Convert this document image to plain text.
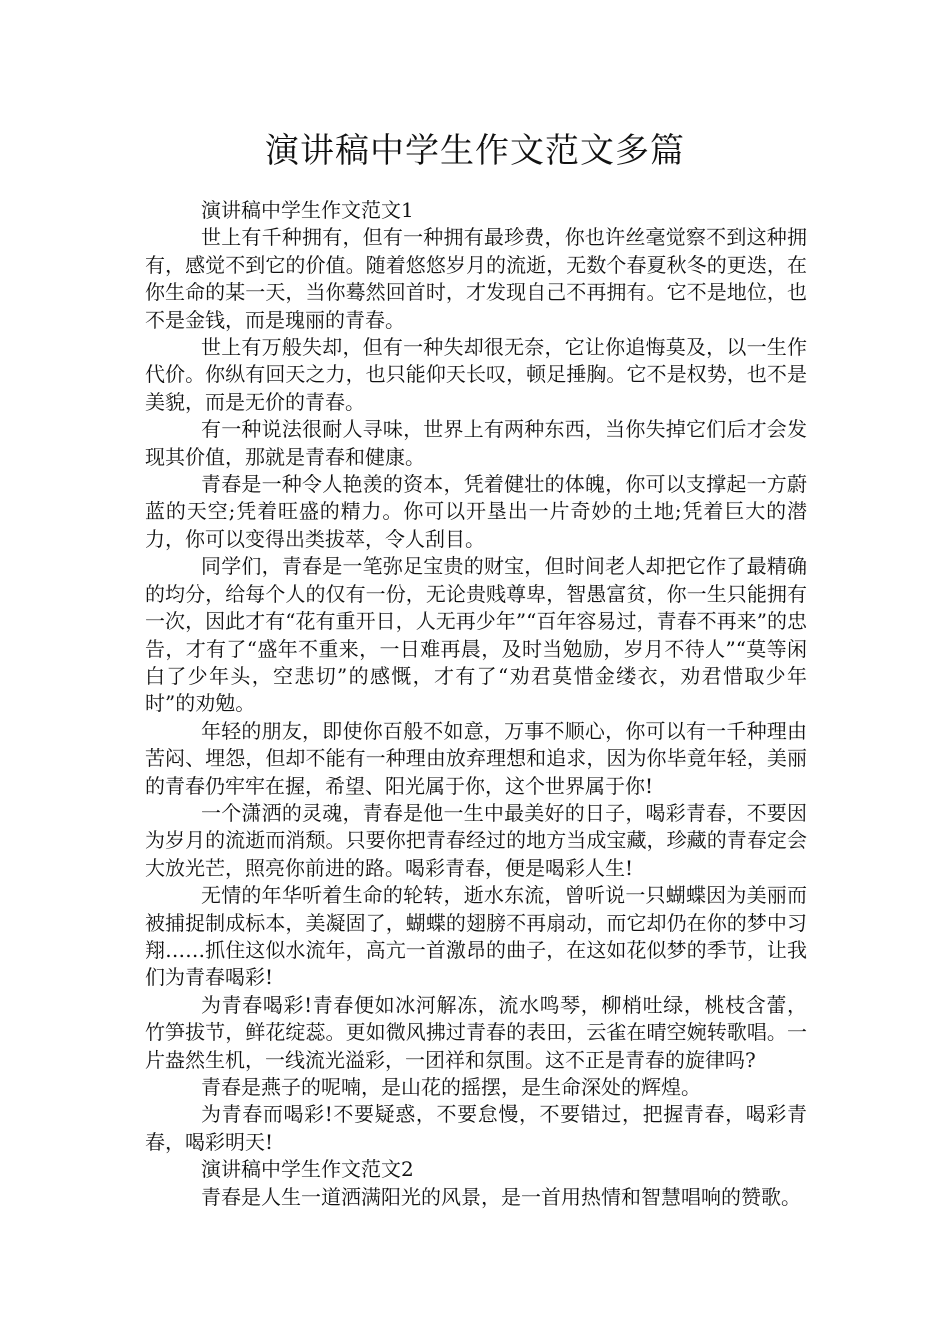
演讲稿中学生作文范文多篇

演讲稿中学生作文范文1

世上有千种拥有，但有一种拥有最珍费，你也许丝毫觉察不到这种拥有，感觉不到它的价值。随着悠悠岁月的流逝，无数个春夏秋冬的更迭，在你生命的某一天，当你蓦然回首时，才发现自己不再拥有。它不是地位，也不是金钱，而是瑰丽的青春。

世上有万般失却，但有一种失却很无奈，它让你追悔莫及，以一生作代价。你纵有回天之力，也只能仰天长叹，顿足捶胸。它不是权势，也不是美貌，而是无价的青春。

有一种说法很耐人寻味，世界上有两种东西，当你失掉它们后才会发现其价值，那就是青春和健康。

青春是一种令人艳羡的资本，凭着健壮的体魄，你可以支撑起一方蔚蓝的天空;凭着旺盛的精力。你可以开垦出一片奇妙的土地;凭着巨大的潜力，你可以变得出类拔萃，令人刮目。

同学们，青春是一笔弥足宝贵的财宝，但时间老人却把它作了最精确的均分，给每个人的仅有一份，无论贵贱尊卑，智愚富贫，你一生只能拥有一次，因此才有“花有重开日，人无再少年”“百年容易过，青春不再来”的忠告，才有了“盛年不重来，一日难再晨，及时当勉励，岁月不待人”“莫等闲白了少年头，空悲切”的感慨，才有了“劝君莫惜金缕衣，劝君惜取少年时”的劝勉。

年轻的朋友，即使你百般不如意，万事不顺心，你可以有一千种理由苦闷、埋怨，但却不能有一种理由放弃理想和追求，因为你毕竟年轻，美丽的青春仍牢牢在握，希望、阳光属于你，这个世界属于你!

一个潇洒的灵魂，青春是他一生中最美好的日子，喝彩青春，不要因为岁月的流逝而消颓。只要你把青春经过的地方当成宝藏，珍藏的青春定会大放光芒，照亮你前进的路。喝彩青春，便是喝彩人生!

无情的年华听着生命的轮转，逝水东流，曾听说一只蝴蝶因为美丽而被捕捉制成标本，美凝固了，蝴蝶的翅膀不再扇动，而它却仍在你的梦中习翔……抓住这似水流年，高亢一首激昂的曲子，在这如花似梦的季节，让我们为青春喝彩!

为青春喝彩!青春便如冰河解冻，流水鸣琴，柳梢吐绿，桃枝含蕾，竹笋拔节，鲜花绽蕊。更如微风拂过青春的表田，云雀在晴空婉转歌唱。一片盎然生机，一线流光溢彩，一团祥和氛围。这不正是青春的旋律吗?

青春是燕子的呢喃，是山花的摇摆，是生命深处的辉煌。

为青春而喝彩!不要疑惑，不要怠慢，不要错过，把握青春，喝彩青春，喝彩明天!

演讲稿中学生作文范文2

青春是人生一道洒满阳光的风景，是一首用热情和智慧唱响的赞歌。
